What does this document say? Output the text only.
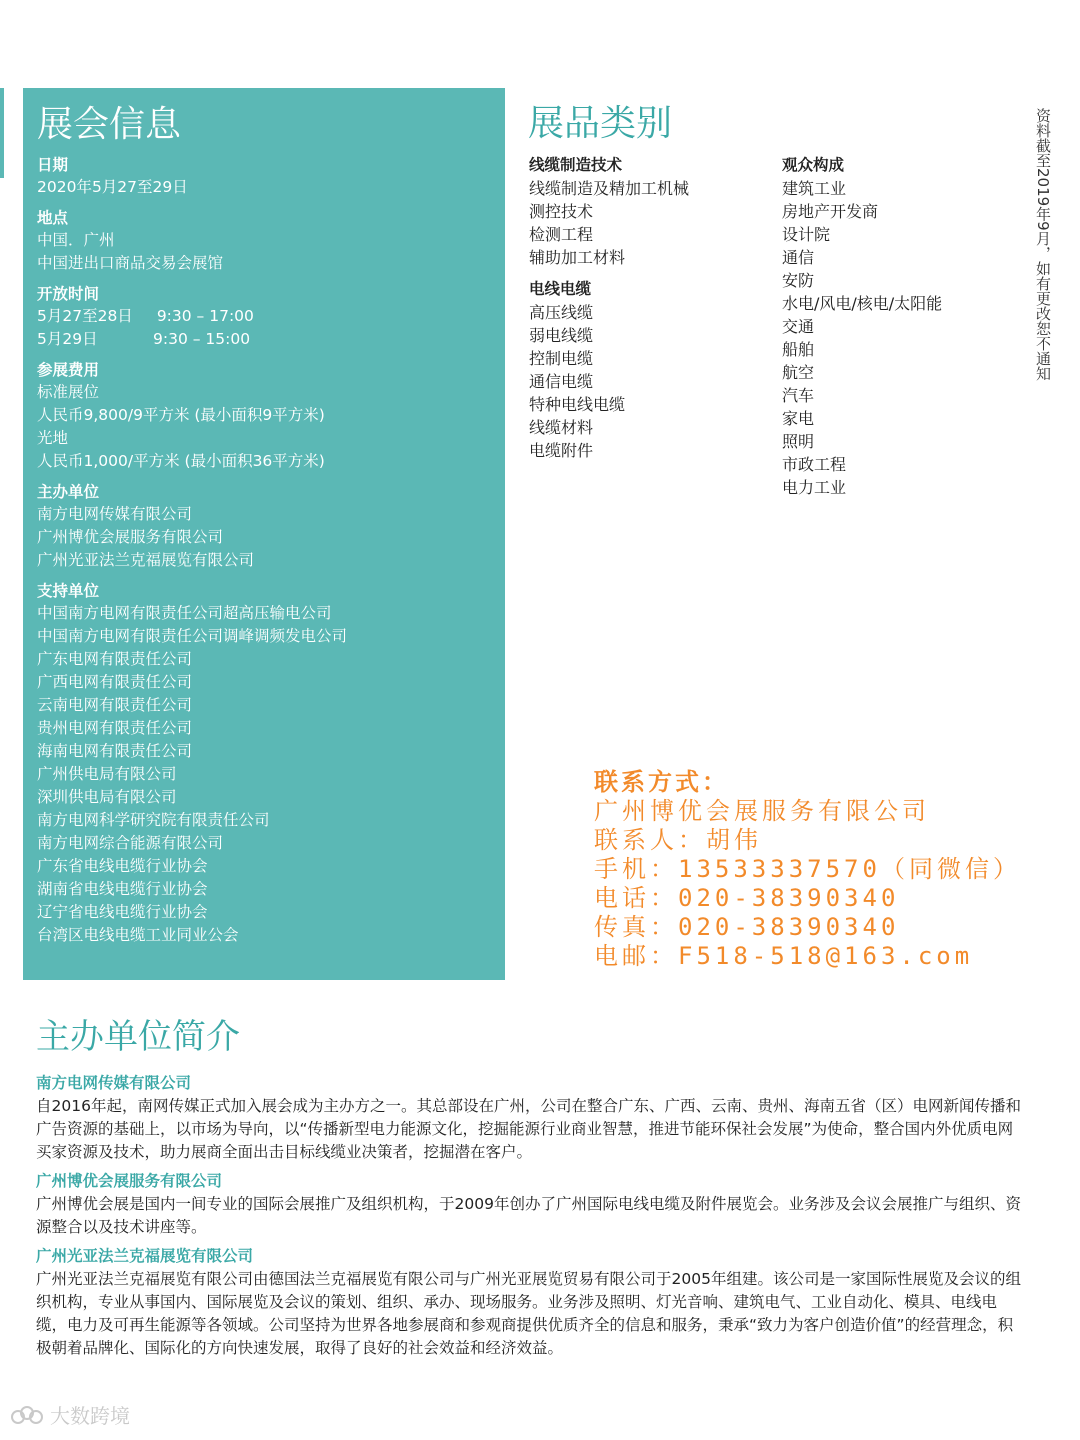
展会信息
日期
2020年5月27至29日
地点
中国．广州
中国进出口商品交易会展馆
开放时间
5月27至28日 9:30 – 17:00
5月29日	9:30 – 15:00
参展费用
标准展位
人民币9,800/9平方米 (最小面积9平方米)
光地
人民币1,000/平方米 (最小面积36平方米)
主办单位
南方电网传媒有限公司
广州博优会展服务有限公司
广州光亚法兰克福展览有限公司
支持单位
中国南方电网有限责任公司超高压输电公司
中国南方电网有限责任公司调峰调频发电公司
广东电网有限责任公司
广西电网有限责任公司
云南电网有限责任公司
贵州电网有限责任公司
海南电网有限责任公司
广州供电局有限公司
深圳供电局有限公司
南方电网科学研究院有限责任公司
南方电网综合能源有限公司
广东省电线电缆行业协会
湖南省电线电缆行业协会
辽宁省电线电缆行业协会
台湾区电线电缆工业同业公会
展品类别
线缆制造技术
线缆制造及精加工机械
测控技术
检测工程
辅助加工材料
电线电缆
高压线缆
弱电线缆
控制电缆
通信电缆
特种电线电缆
线缆材料
电缆附件
观众构成
建筑工业
房地产开发商
设计院
通信
安防
水电/风电/核电/太阳能
交通
船舶
航空
汽车
家电
照明
市政工程
电力工业
资料截至2019年9月，如有更改恕不通知
联系方式：
广州博优会展服务有限公司
联系人：胡伟
手机：13533337570（同微信）
电话：020-38390340
传真：020-38390340
电邮：F518-518@163.com
主办单位简介
南方电网传媒有限公司

自2016年起，南网传媒正式加入展会成为主办方之一。其总部设在广州，公司在整合广东、广西、云南、贵州、海南五省（区）电网新闻传播和广告资源的基础上，以市场为导向，以“传播新型电力能源文化，挖掘能源行业商业智慧，推进节能环保社会发展”为使命，整合国内外优质电网买家资源及技术，助力展商全面出击目标线缆业决策者，挖掘潜在客户。

广州博优会展服务有限公司

广州博优会展是国内一间专业的国际会展推广及组织机构，于2009年创办了广州国际电线电缆及附件展览会。业务涉及会议会展推广与组织、资源整合以及技术讲座等。

广州光亚法兰克福展览有限公司

广州光亚法兰克福展览有限公司由德国法兰克福展览有限公司与广州光亚展览贸易有限公司于2005年组建。该公司是一家国际性展览及会议的组织机构，专业从事国内、国际展览及会议的策划、组织、承办、现场服务。业务涉及照明、灯光音响、建筑电气、工业自动化、模具、电线电缆，电力及可再生能源等各领域。公司坚持为世界各地参展商和参观商提供优质齐全的信息和服务，秉承“致力为客户创造价值”的经营理念，积极朝着品牌化、国际化的方向快速发展，取得了良好的社会效益和经济效益。

大数跨境
